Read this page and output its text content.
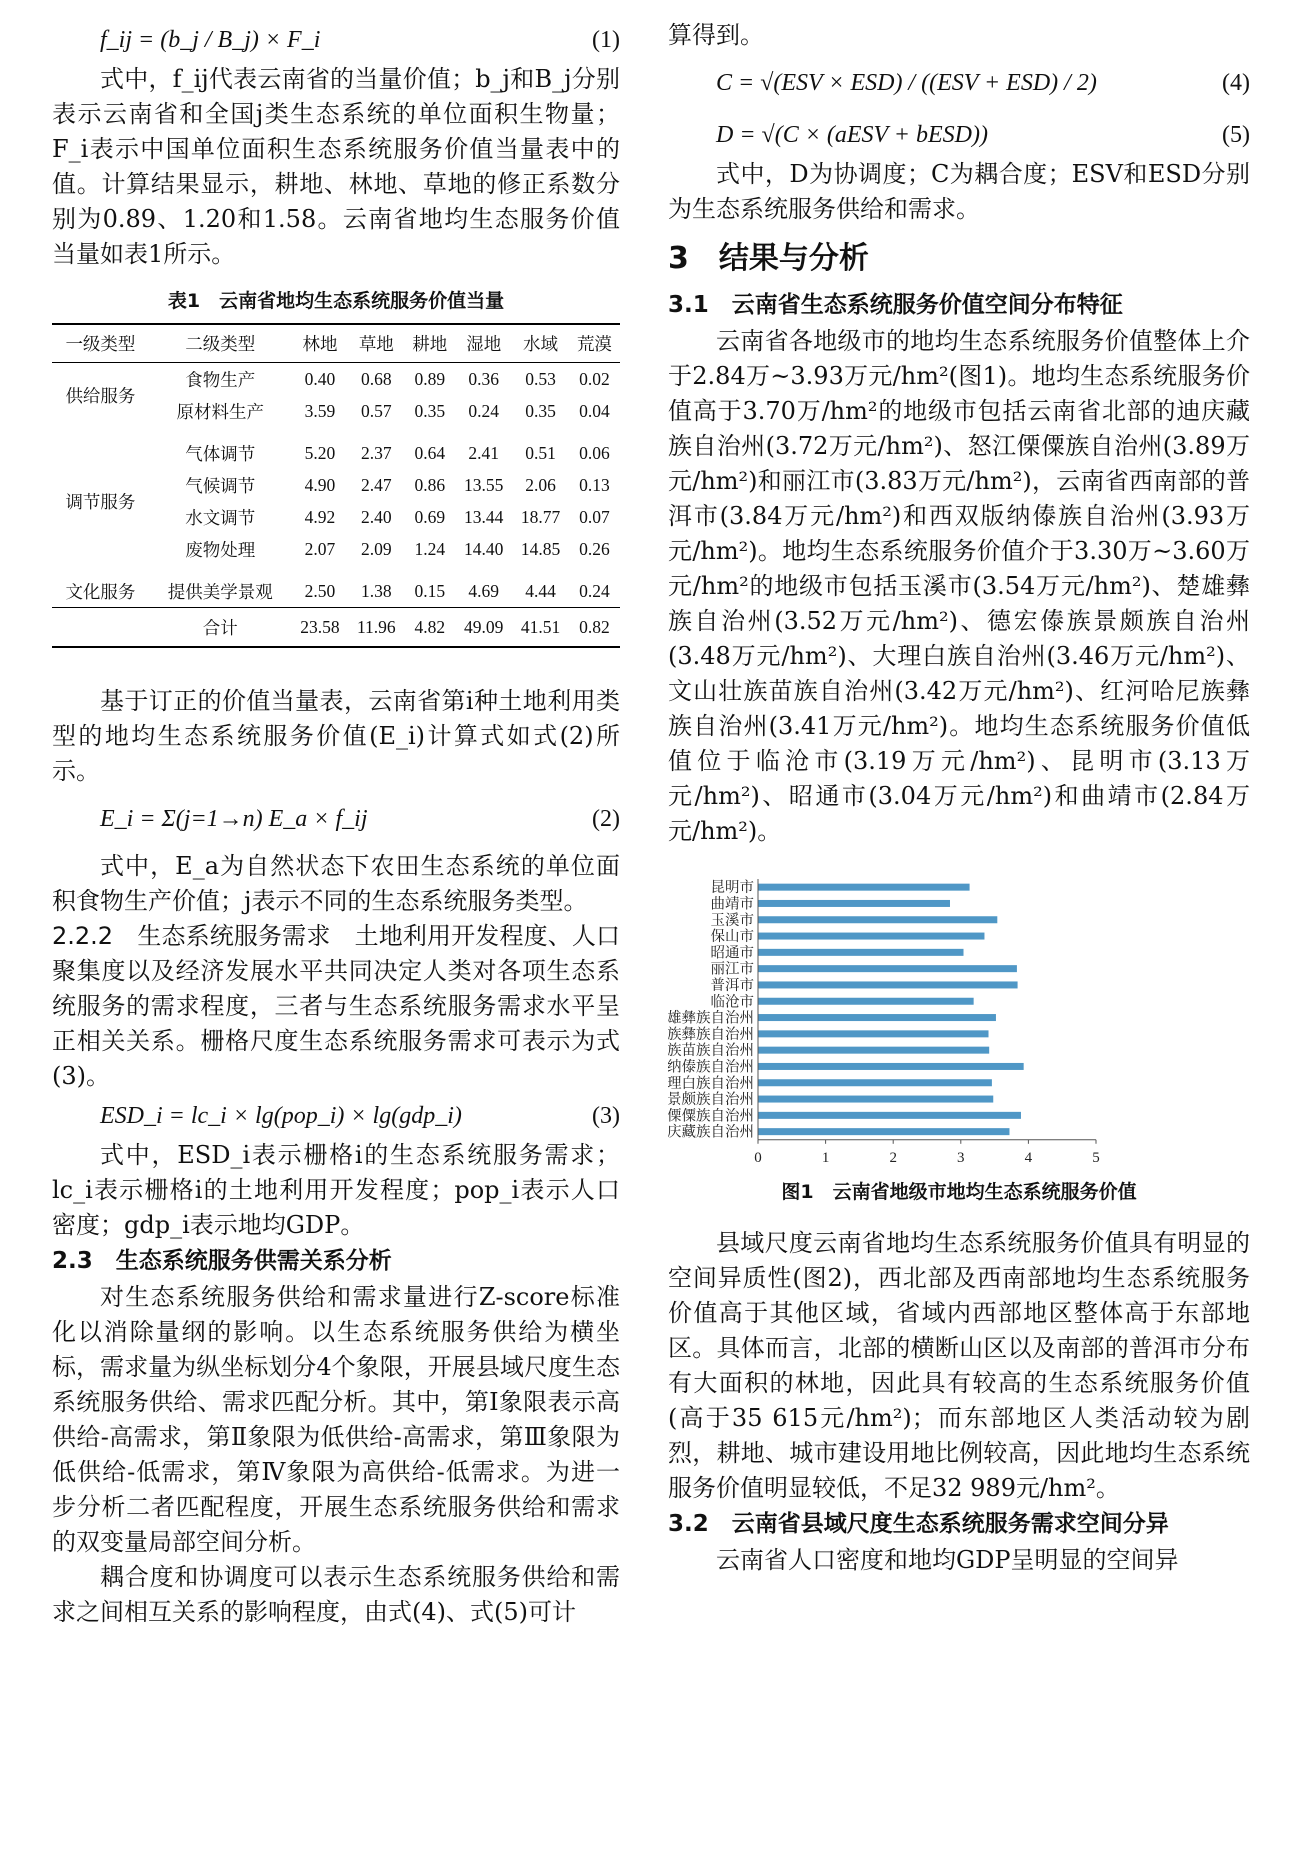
f_ij = (b_j / B_j) × F_i	(1)

式中，f_ij代表云南省的当量价值；b_j和B_j分别表示云南省和全国j类生态系统的单位面积生物量；F_i表示中国单位面积生态系统服务价值当量表中的值。计算结果显示，耕地、林地、草地的修正系数分别为0.89、1.20和1.58。云南省地均生态服务价值当量如表1所示。

表1　云南省地均生态系统服务价值当量
一级类型	二级类型	林地	草地	耕地	湿地	水域	荒漠
供给服务	食物生产	0.40	0.68	0.89	0.36	0.53	0.02
	原材料生产	3.59	0.57	0.35	0.24	0.35	0.04

调节服务	气体调节	5.20	2.37	0.64	2.41	0.51	0.06
	气候调节	4.90	2.47	0.86	13.55	2.06	0.13
	水文调节	4.92	2.40	0.69	13.44	18.77	0.07
	废物处理	2.07	2.09	1.24	14.40	14.85	0.26

文化服务	提供美学景观	2.50	1.38	0.15	4.69	4.44	0.24
	合计	23.58	11.96	4.82	49.09	41.51	0.82

基于订正的价值当量表，云南省第i种土地利用类型的地均生态系统服务价值(E_i)计算式如式(2)所示。

E_i = Σ(j=1→n) E_a × f_ij	(2)

式中，E_a为自然状态下农田生态系统的单位面积食物生产价值；j表示不同的生态系统服务类型。

2.2.2　生态系统服务需求　 土地利用开发程度、人口聚集度以及经济发展水平共同决定人类对各项生态系统服务的需求程度，三者与生态系统服务需求水平呈正相关关系。栅格尺度生态系统服务需求可表示为式(3)。

ESD_i = lc_i × lg(pop_i) × lg(gdp_i)	(3)

式中，ESD_i表示栅格i的生态系统服务需求；lc_i表示栅格i的土地利用开发程度；pop_i表示人口密度；gdp_i表示地均GDP。

2.3　生态系统服务供需关系分析

对生态系统服务供给和需求量进行Z-score标准化以消除量纲的影响。以生态系统服务供给为横坐标，需求量为纵坐标划分4个象限，开展县域尺度生态系统服务供给、需求匹配分析。其中，第Ⅰ象限表示高供给-高需求，第Ⅱ象限为低供给-高需求，第Ⅲ象限为低供给-低需求，第Ⅳ象限为高供给-低需求。为进一步分析二者匹配程度，开展生态系统服务供给和需求的双变量局部空间分析。

耦合度和协调度可以表示生态系统服务供给和需求之间相互关系的影响程度，由式(4)、式(5)可计

算得到。

C = √(ESV × ESD) / ((ESV + ESD) / 2)	(4)
D = √(C × (aESV + bESD))	(5)

式中，D为协调度；C为耦合度；ESV和ESD分别为生态系统服务供给和需求。

3　结果与分析
3.1　云南省生态系统服务价值空间分布特征

云南省各地级市的地均生态系统服务价值整体上介于2.84万~3.93万元/hm²(图1)。地均生态系统服务价值高于3.70万/hm²的地级市包括云南省北部的迪庆藏族自治州(3.72万元/hm²)、怒江傈僳族自治州(3.89万元/hm²)和丽江市(3.83万元/hm²)，云南省西南部的普洱市(3.84万元/hm²)和西双版纳傣族自治州(3.93万元/hm²)。地均生态系统服务价值介于3.30万~3.60万元/hm²的地级市包括玉溪市(3.54万元/hm²)、楚雄彝族自治州(3.52万元/hm²)、德宏傣族景颇族自治州(3.48万元/hm²)、大理白族自治州(3.46万元/hm²)、文山壮族苗族自治州(3.42万元/hm²)、红河哈尼族彝族自治州(3.41万元/hm²)。地均生态系统服务价值低值位于临沧市(3.19万元/hm²)、昆明市(3.13万元/hm²)、昭通市(3.04万元/hm²)和曲靖市(2.84万元/hm²)。

昆明市
曲靖市
玉溪市
保山市
昭通市
丽江市
普洱市
临沧市
雄彝族自治州
族彝族自治州
族苗族自治州
纳傣族自治州
理白族自治州
景颇族自治州
傈僳族自治州
庆藏族自治州
0	1	2	3	4	5
图1　云南省地级市地均生态系统服务价值

县域尺度云南省地均生态系统服务价值具有明显的空间异质性(图2)，西北部及西南部地均生态系统服务价值高于其他区域，省域内西部地区整体高于东部地区。具体而言，北部的横断山区以及南部的普洱市分布有大面积的林地，因此具有较高的生态系统服务价值(高于35 615元/hm²)；而东部地区人类活动较为剧烈，耕地、城市建设用地比例较高，因此地均生态系统服务价值明显较低，不足32 989元/hm²。

3.2　云南省县域尺度生态系统服务需求空间分异

云南省人口密度和地均GDP呈明显的空间异
